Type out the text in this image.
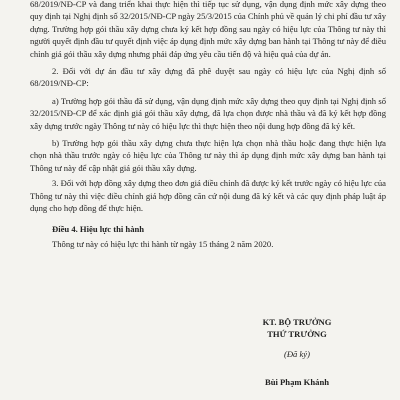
68/2019/NĐ-CP và đang triển khai thực hiện thì tiếp tục sử dụng, vận dụng định mức xây dựng theo quy định tại Nghị định số 32/2015/NĐ-CP ngày 25/3/2015 của Chính phủ về quản lý chi phí đầu tư xây dựng. Trường hợp gói thầu xây dựng chưa ký kết hợp đồng sau ngày có hiệu lực của Thông tư này thì người quyết định đầu tư quyết định việc áp dụng định mức xây dựng ban hành tại Thông tư này để điều chỉnh giá gói thầu xây dựng nhưng phải đáp ứng yêu cầu tiến độ và hiệu quả của dự án.

2. Đối với dự án đầu tư xây dựng đã phê duyệt sau ngày có hiệu lực của Nghị định số 68/2019/NĐ-CP:

a) Trường hợp gói thầu đã sử dụng, vận dụng định mức xây dựng theo quy định tại Nghị định số 32/2015/NĐ-CP để xác định giá gói thầu xây dựng, đã lựa chọn được nhà thầu và đã ký kết hợp đồng xây dựng trước ngày Thông tư này có hiệu lực thì thực hiện theo nội dung hợp đồng đã ký kết.

b) Trường hợp gói thầu xây dựng chưa thực hiện lựa chọn nhà thầu hoặc đang thực hiện lựa chọn nhà thầu trước ngày có hiệu lực của Thông tư này thì áp dụng định mức xây dựng ban hành tại Thông tư này để cập nhật giá gói thầu xây dựng.

3. Đối với hợp đồng xây dựng theo đơn giá điều chỉnh đã được ký kết trước ngày có hiệu lực của Thông tư này thì việc điều chỉnh giá hợp đồng căn cứ nội dung đã ký kết và các quy định pháp luật áp dụng cho hợp đồng để thực hiện.

Điều 4. Hiệu lực thi hành

Thông tư này có hiệu lực thi hành từ ngày 15 tháng 2 năm 2020.

KT. BỘ TRƯỞNG
THỨ TRƯỞNG
(Đã ký)
Bùi Phạm Khánh
